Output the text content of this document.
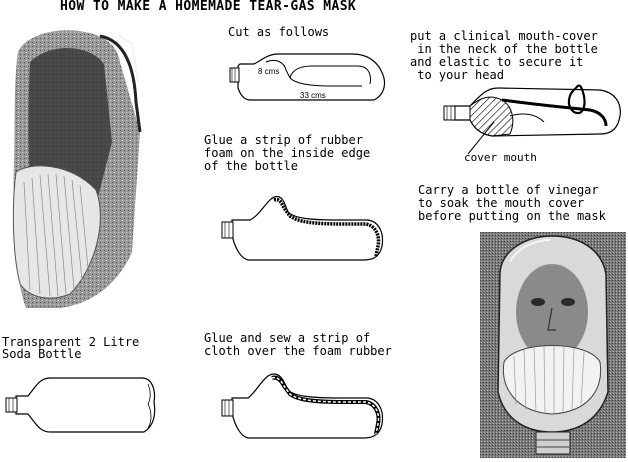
HOW TO MAKE A HOMEMADE TEAR-GAS MASK
Cut as follows
Glue a strip of rubber
foam on the inside edge
of the bottle
Transparent 2 Litre
Soda Bottle
Glue and sew a strip of
cloth over the foam rubber
put a clinical mouth-cover
in the neck of the bottle
and elastic to secure it
to your head
Carry a bottle of vinegar
to soak the mouth cover
before putting on the mask
8 cms
33 cms
cover mouth
